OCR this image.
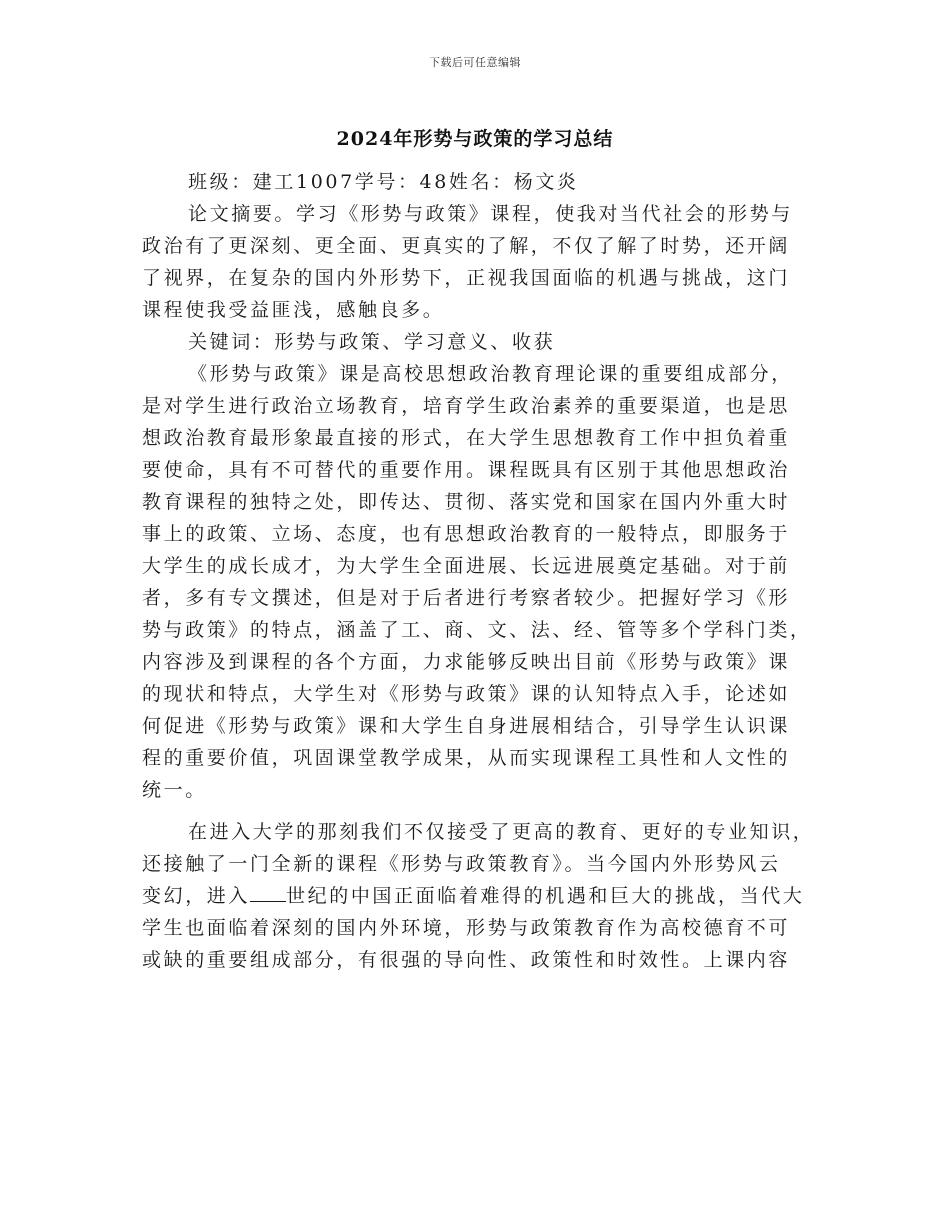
下载后可任意编辑
2024年形势与政策的学习总结
班级：建工1007学号：48姓名：杨文炎
论文摘要。学习《形势与政策》课程，使我对当代社会的形势与
政治有了更深刻、更全面、更真实的了解，不仅了解了时势，还开阔
了视界，在复杂的国内外形势下，正视我国面临的机遇与挑战，这门
课程使我受益匪浅，感触良多。
关键词：形势与政策、学习意义、收获
《形势与政策》课是高校思想政治教育理论课的重要组成部分，
是对学生进行政治立场教育，培育学生政治素养的重要渠道，也是思
想政治教育最形象最直接的形式，在大学生思想教育工作中担负着重
要使命，具有不可替代的重要作用。课程既具有区别于其他思想政治
教育课程的独特之处，即传达、贯彻、落实党和国家在国内外重大时
事上的政策、立场、态度，也有思想政治教育的一般特点，即服务于
大学生的成长成才，为大学生全面进展、长远进展奠定基础。对于前
者，多有专文撰述，但是对于后者进行考察者较少。把握好学习《形
势与政策》的特点，涵盖了工、商、文、法、经、管等多个学科门类，
内容涉及到课程的各个方面，力求能够反映出目前《形势与政策》课
的现状和特点，大学生对《形势与政策》课的认知特点入手，论述如
何促进《形势与政策》课和大学生自身进展相结合，引导学生认识课
程的重要价值，巩固课堂教学成果，从而实现课程工具性和人文性的
统一。
在进入大学的那刻我们不仅接受了更高的教育、更好的专业知识，
还接触了一门全新的课程《形势与政策教育》。当今国内外形势风云
变幻，进入 世纪的中国正面临着难得的机遇和巨大的挑战，当代大
学生也面临着深刻的国内外环境，形势与政策教育作为高校德育不可
或缺的重要组成部分，有很强的导向性、政策性和时效性。上课内容
